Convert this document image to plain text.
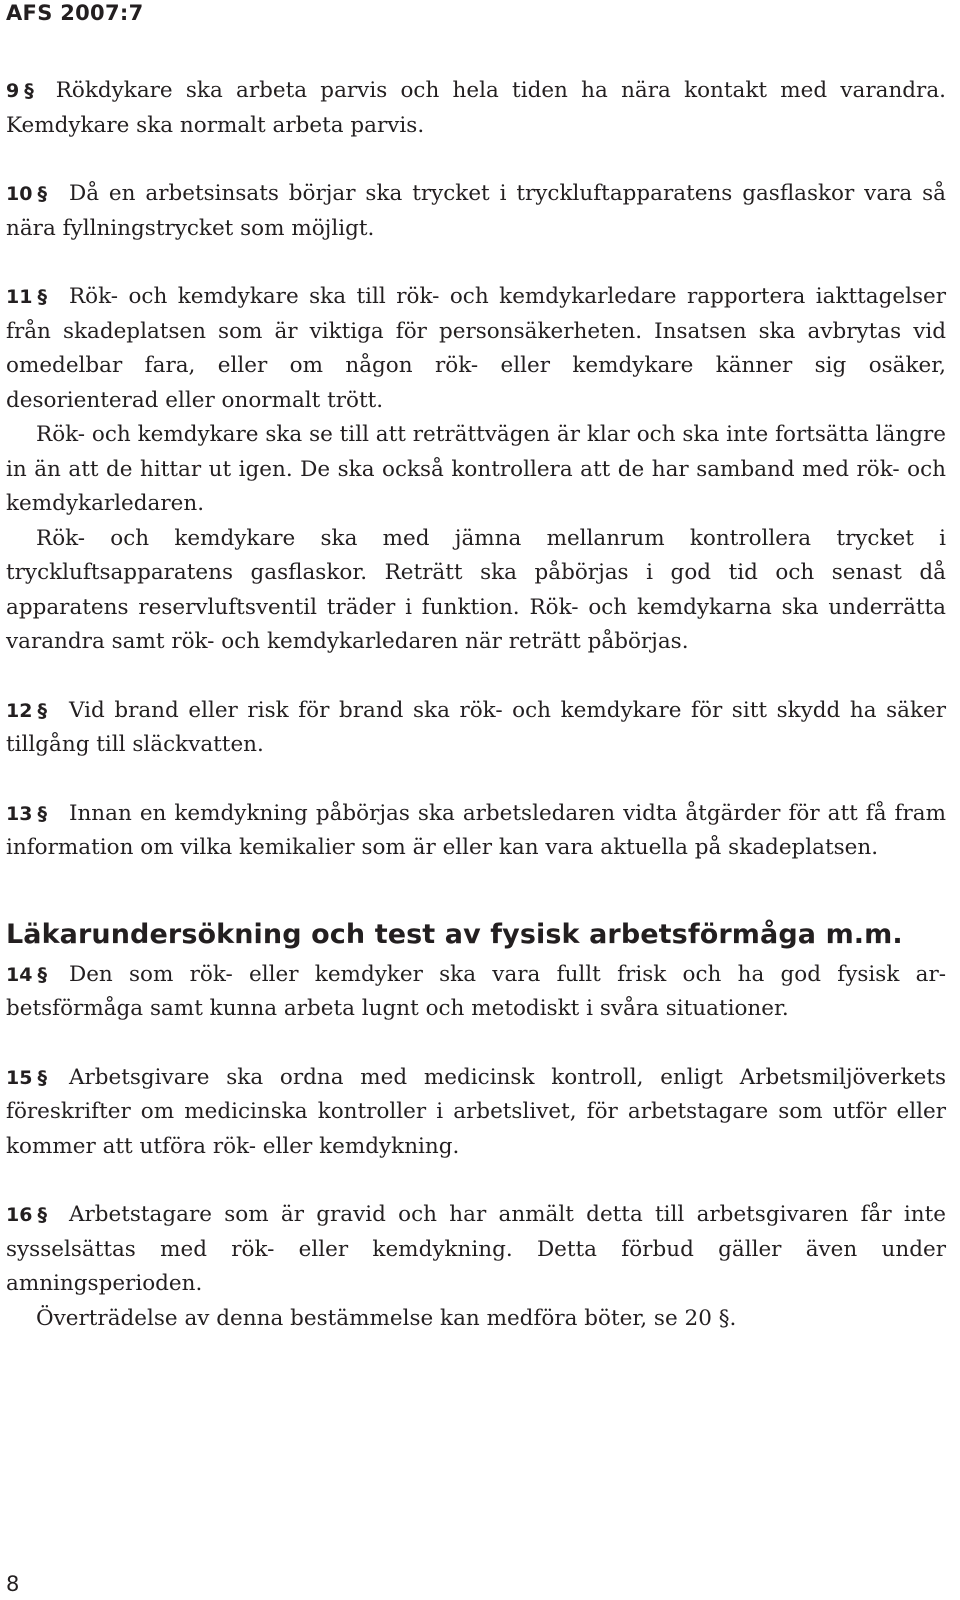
AFS 2007:7

9 § Rökdykare ska arbeta parvis och hela tiden ha nära kontakt med varandra. Kemdykare ska normalt arbeta parvis.

10 § Då en arbetsinsats börjar ska trycket i tryckluftapparatens gasflaskor vara så nära fyllningstrycket som möjligt.

11 § Rök- och kemdykare ska till rök- och kemdykarledare rapportera iakttagelser från skadeplatsen som är viktiga för personsäkerheten. Insatsen ska avbrytas vid omedelbar fara, eller om någon rök- eller kemdykare känner sig osäker, desorienterad eller onormalt trött.

Rök- och kemdykare ska se till att reträttvägen är klar och ska inte fortsätta längre in än att de hittar ut igen. De ska också kontrollera att de har samband med rök- och kemdykarledaren.

Rök- och kemdykare ska med jämna mellanrum kontrollera trycket i tryckluftsapparatens gasflaskor. Reträtt ska påbörjas i god tid och senast då apparatens reservluftsventil träder i funktion. Rök- och kemdykarna ska underrätta varandra samt rök- och kemdykarledaren när reträtt påbörjas.

12 § Vid brand eller risk för brand ska rök- och kemdykare för sitt skydd ha säker tillgång till släckvatten.

13 § Innan en kemdykning påbörjas ska arbetsledaren vidta åtgärder för att få fram information om vilka kemikalier som är eller kan vara aktuella på skadeplatsen.

Läkarundersökning och test av fysisk arbetsförmåga m.m.

14 § Den som rök- eller kemdyker ska vara fullt frisk och ha god fysisk arbetsförmåga samt kunna arbeta lugnt och metodiskt i svåra situationer.

15 § Arbetsgivare ska ordna med medicinsk kontroll, enligt Arbetsmiljöverkets föreskrifter om medicinska kontroller i arbetslivet, för arbetstagare som utför eller kommer att utföra rök- eller kemdykning.

16 § Arbetstagare som är gravid och har anmält detta till arbetsgivaren får inte sysselsättas med rök- eller kemdykning. Detta förbud gäller även under amningsperioden.

Överträdelse av denna bestämmelse kan medföra böter, se 20 §.

8
